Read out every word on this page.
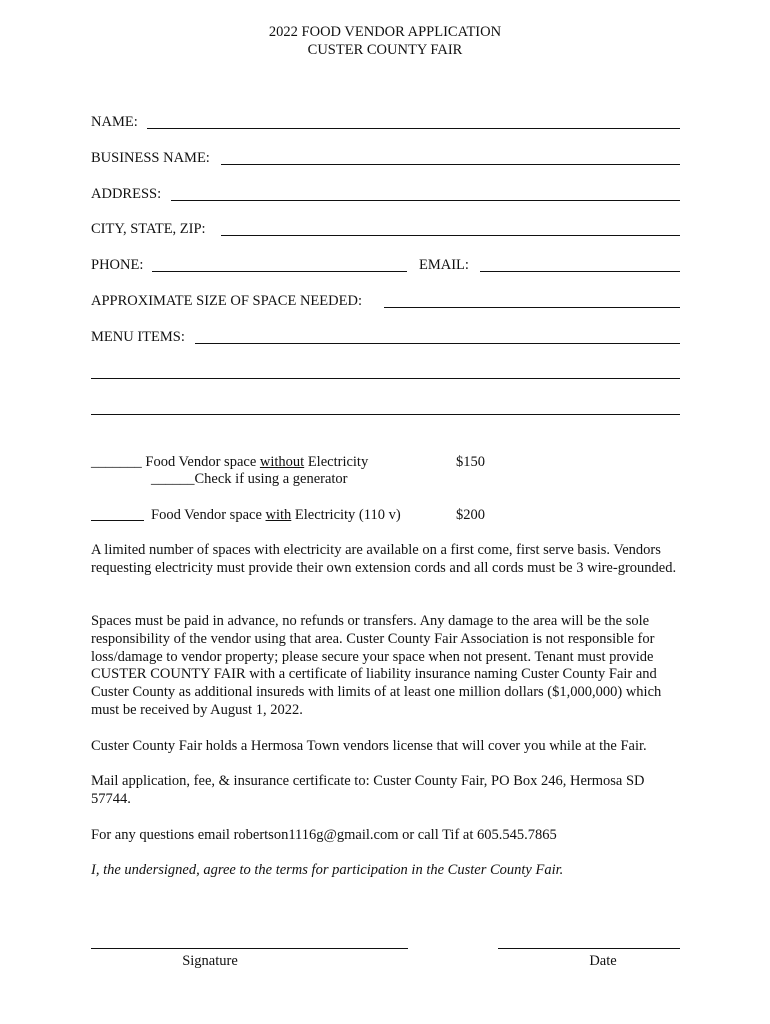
2022 FOOD VENDOR APPLICATION
CUSTER COUNTY FAIR
NAME:
BUSINESS NAME:
ADDRESS:
CITY, STATE, ZIP:
PHONE:	EMAIL:
APPROXIMATE SIZE OF SPACE NEEDED:
MENU ITEMS:
_______ Food Vendor space without Electricity	$150
______Check if using a generator
Food Vendor space with Electricity (110 v)	$200
A limited number of spaces with electricity are available on a first come, first serve basis. Vendors requesting electricity must provide their own extension cords and all cords must be 3 wire-grounded.
Spaces must be paid in advance, no refunds or transfers. Any damage to the area will be the sole responsibility of the vendor using that area. Custer County Fair Association is not responsible for loss/damage to vendor property; please secure your space when not present. Tenant must provide CUSTER COUNTY FAIR with a certificate of liability insurance naming Custer County Fair and Custer County as additional insureds with limits of at least one million dollars ($1,000,000) which must be received by August 1, 2022.
Custer County Fair holds a Hermosa Town vendors license that will cover you while at the Fair.
Mail application, fee, & insurance certificate to: Custer County Fair, PO Box 246, Hermosa SD 57744.
For any questions email robertson1116g@gmail.com or call Tif at 605.545.7865
I, the undersigned, agree to the terms for participation in the Custer County Fair.
Signature	Date
